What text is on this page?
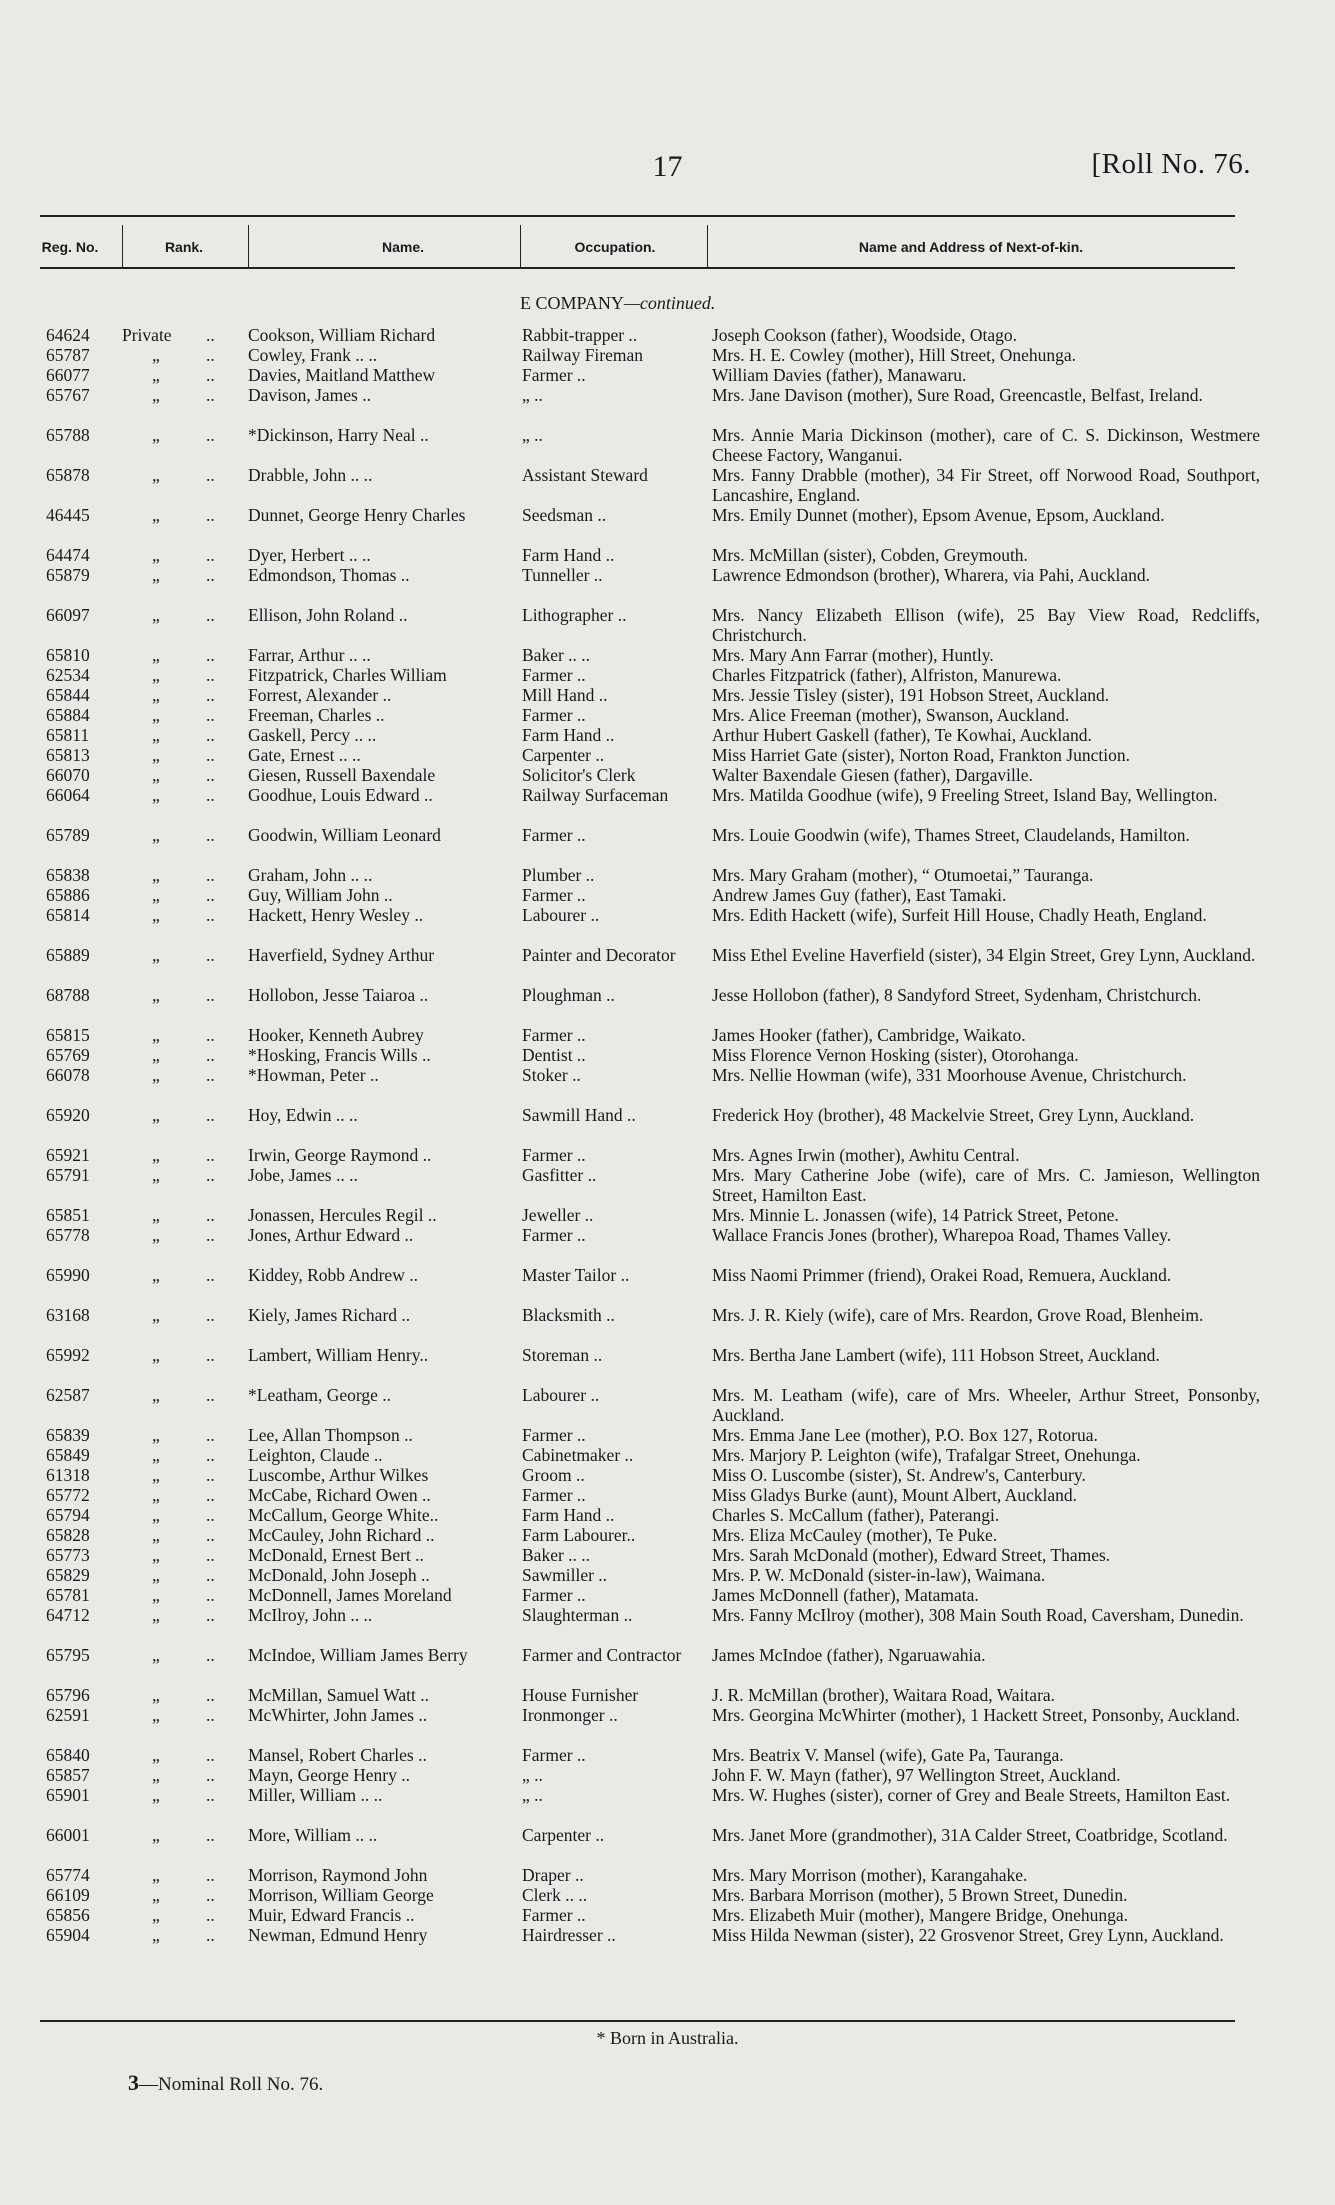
17	[Roll No. 76.
Reg. No.	Rank.	Name.	Occupation.	Name and Address of Next-of-kin.
E COMPANY—continued.
64624	Private	.. Cookson, William Richard	Rabbit-trapper ..	Joseph Cookson (father), Woodside, Otago.
65787	„	.. Cowley, Frank .. ..	Railway Fireman	Mrs. H. E. Cowley (mother), Hill Street, Onehunga.
66077	„	.. Davies, Maitland Matthew	Farmer ..	William Davies (father), Manawaru.
65767	„	.. Davison, James ..	„ ..	Mrs. Jane Davison (mother), Sure Road, Greencastle, Belfast, Ireland.
65788	„	.. *Dickinson, Harry Neal ..	„ ..	Mrs. Annie Maria Dickinson (mother), care of C. S. Dickinson, Westmere Cheese Factory, Wanganui.
65878	„	.. Drabble, John .. ..	Assistant Steward	Mrs. Fanny Drabble (mother), 34 Fir Street, off Norwood Road, Southport, Lancashire, England.
46445	„	.. Dunnet, George Henry Charles	Seedsman ..	Mrs. Emily Dunnet (mother), Epsom Avenue, Epsom, Auckland.
64474	„	.. Dyer, Herbert .. ..	Farm Hand ..	Mrs. McMillan (sister), Cobden, Greymouth.
65879	„	.. Edmondson, Thomas ..	Tunneller ..	Lawrence Edmondson (brother), Wharera, via Pahi, Auckland.
66097	„	.. Ellison, John Roland ..	Lithographer ..	Mrs. Nancy Elizabeth Ellison (wife), 25 Bay View Road, Redcliffs, Christchurch.
65810	„	.. Farrar, Arthur .. ..	Baker .. ..	Mrs. Mary Ann Farrar (mother), Huntly.
62534	„	.. Fitzpatrick, Charles William	Farmer ..	Charles Fitzpatrick (father), Alfriston, Manurewa.
65844	„	.. Forrest, Alexander ..	Mill Hand ..	Mrs. Jessie Tisley (sister), 191 Hobson Street, Auckland.
65884	„	.. Freeman, Charles ..	Farmer ..	Mrs. Alice Freeman (mother), Swanson, Auckland.
65811	„	.. Gaskell, Percy .. ..	Farm Hand ..	Arthur Hubert Gaskell (father), Te Kowhai, Auckland.
65813	„	.. Gate, Ernest .. ..	Carpenter ..	Miss Harriet Gate (sister), Norton Road, Frankton Junction.
66070	„	.. Giesen, Russell Baxendale	Solicitor's Clerk	Walter Baxendale Giesen (father), Dargaville.
66064	„	.. Goodhue, Louis Edward ..	Railway Surfaceman	Mrs. Matilda Goodhue (wife), 9 Freeling Street, Island Bay, Wellington.
65789	„	.. Goodwin, William Leonard	Farmer ..	Mrs. Louie Goodwin (wife), Thames Street, Claudelands, Hamilton.
65838	„	.. Graham, John .. ..	Plumber ..	Mrs. Mary Graham (mother), “ Otumoetai,” Tauranga.
65886	„	.. Guy, William John ..	Farmer ..	Andrew James Guy (father), East Tamaki.
65814	„	.. Hackett, Henry Wesley ..	Labourer ..	Mrs. Edith Hackett (wife), Surfeit Hill House, Chadly Heath, England.
65889	„	.. Haverfield, Sydney Arthur	Painter and Decorator	Miss Ethel Eveline Haverfield (sister), 34 Elgin Street, Grey Lynn, Auckland.
68788	„	.. Hollobon, Jesse Taiaroa ..	Ploughman ..	Jesse Hollobon (father), 8 Sandyford Street, Sydenham, Christchurch.
65815	„	.. Hooker, Kenneth Aubrey	Farmer ..	James Hooker (father), Cambridge, Waikato.
65769	„	.. *Hosking, Francis Wills ..	Dentist ..	Miss Florence Vernon Hosking (sister), Otorohanga.
66078	„	.. *Howman, Peter ..	Stoker ..	Mrs. Nellie Howman (wife), 331 Moorhouse Avenue, Christchurch.
65920	„	.. Hoy, Edwin .. ..	Sawmill Hand ..	Frederick Hoy (brother), 48 Mackelvie Street, Grey Lynn, Auckland.
65921	„	.. Irwin, George Raymond ..	Farmer ..	Mrs. Agnes Irwin (mother), Awhitu Central.
65791	„	.. Jobe, James .. ..	Gasfitter ..	Mrs. Mary Catherine Jobe (wife), care of Mrs. C. Jamieson, Wellington Street, Hamilton East.
65851	„	.. Jonassen, Hercules Regil ..	Jeweller ..	Mrs. Minnie L. Jonassen (wife), 14 Patrick Street, Petone.
65778	„	.. Jones, Arthur Edward ..	Farmer ..	Wallace Francis Jones (brother), Wharepoa Road, Thames Valley.
65990	„	.. Kiddey, Robb Andrew ..	Master Tailor ..	Miss Naomi Primmer (friend), Orakei Road, Remuera, Auckland.
63168	„	.. Kiely, James Richard ..	Blacksmith ..	Mrs. J. R. Kiely (wife), care of Mrs. Reardon, Grove Road, Blenheim.
65992	„	.. Lambert, William Henry..	Storeman ..	Mrs. Bertha Jane Lambert (wife), 111 Hobson Street, Auckland.
62587	„	.. *Leatham, George ..	Labourer ..	Mrs. M. Leatham (wife), care of Mrs. Wheeler, Arthur Street, Ponsonby, Auckland.
65839	„	.. Lee, Allan Thompson ..	Farmer ..	Mrs. Emma Jane Lee (mother), P.O. Box 127, Rotorua.
65849	„	.. Leighton, Claude ..	Cabinetmaker ..	Mrs. Marjory P. Leighton (wife), Trafalgar Street, Onehunga.
61318	„	.. Luscombe, Arthur Wilkes	Groom ..	Miss O. Luscombe (sister), St. Andrew's, Canterbury.
65772	„	.. McCabe, Richard Owen ..	Farmer ..	Miss Gladys Burke (aunt), Mount Albert, Auckland.
65794	„	.. McCallum, George White..	Farm Hand ..	Charles S. McCallum (father), Paterangi.
65828	„	.. McCauley, John Richard ..	Farm Labourer..	Mrs. Eliza McCauley (mother), Te Puke.
65773	„	.. McDonald, Ernest Bert ..	Baker .. ..	Mrs. Sarah McDonald (mother), Edward Street, Thames.
65829	„	.. McDonald, John Joseph ..	Sawmiller ..	Mrs. P. W. McDonald (sister-in-law), Waimana.
65781	„	.. McDonnell, James Moreland	Farmer ..	James McDonnell (father), Matamata.
64712	„	.. McIlroy, John .. ..	Slaughterman ..	Mrs. Fanny McIlroy (mother), 308 Main South Road, Caversham, Dunedin.
65795	„	.. McIndoe, William James Berry	Farmer and Contractor	James McIndoe (father), Ngaruawahia.
65796	„	.. McMillan, Samuel Watt ..	House Furnisher	J. R. McMillan (brother), Waitara Road, Waitara.
62591	„	.. McWhirter, John James ..	Ironmonger ..	Mrs. Georgina McWhirter (mother), 1 Hackett Street, Ponsonby, Auckland.
65840	„	.. Mansel, Robert Charles ..	Farmer ..	Mrs. Beatrix V. Mansel (wife), Gate Pa, Tauranga.
65857	„	.. Mayn, George Henry ..	„ ..	John F. W. Mayn (father), 97 Wellington Street, Auckland.
65901	„	.. Miller, William .. ..	„ ..	Mrs. W. Hughes (sister), corner of Grey and Beale Streets, Hamilton East.
66001	„	.. More, William .. ..	Carpenter ..	Mrs. Janet More (grandmother), 31A Calder Street, Coatbridge, Scotland.
65774	„	.. Morrison, Raymond John	Draper ..	Mrs. Mary Morrison (mother), Karangahake.
66109	„	.. Morrison, William George	Clerk .. ..	Mrs. Barbara Morrison (mother), 5 Brown Street, Dunedin.
65856	„	.. Muir, Edward Francis ..	Farmer ..	Mrs. Elizabeth Muir (mother), Mangere Bridge, Onehunga.
65904	„	.. Newman, Edmund Henry	Hairdresser ..	Miss Hilda Newman (sister), 22 Grosvenor Street, Grey Lynn, Auckland.
* Born in Australia.
3—Nominal Roll No. 76.
